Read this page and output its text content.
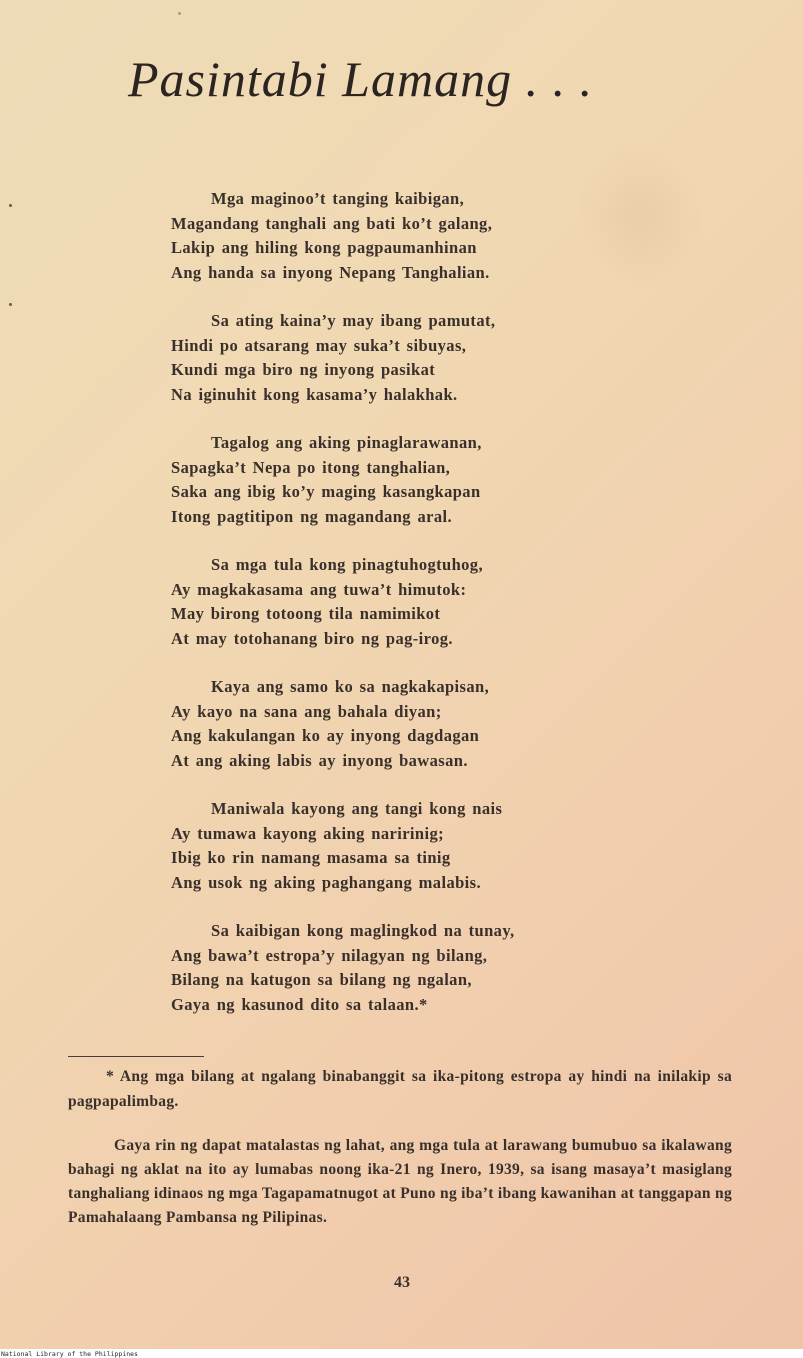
Pasintabi Lamang . . .
Mga maginoo’t tanging kaibigan,
Magandang tanghali ang bati ko’t galang,
Lakip ang hiling kong pagpaumanhinan
Ang handa sa inyong Nepang Tanghalian.
Sa ating kaina’y may ibang pamutat,
Hindi po atsarang may suka’t sibuyas,
Kundi mga biro ng inyong pasikat
Na iginuhit kong kasama’y halakhak.
Tagalog ang aking pinaglarawanan,
Sapagka’t Nepa po itong tanghalian,
Saka ang ibig ko’y maging kasangkapan
Itong pagtitipon ng magandang aral.
Sa mga tula kong pinagtuhogtuhog,
Ay magkakasama ang tuwa’t himutok:
May birong totoong tila namimikot
At may totohanang biro ng pag-irog.
Kaya ang samo ko sa nagkakapisan,
Ay kayo na sana ang bahala diyan;
Ang kakulangan ko ay inyong dagdagan
At ang aking labis ay inyong bawasan.
Maniwala kayong ang tangi kong nais
Ay tumawa kayong aking naririnig;
Ibig ko rin namang masama sa tinig
Ang usok ng aking paghangang malabis.
Sa kaibigan kong maglingkod na tunay,
Ang bawa’t estropa’y nilagyan ng bilang,
Bilang na katugon sa bilang ng ngalan,
Gaya ng kasunod dito sa talaan.*

* Ang mga bilang at ngalang binabanggit sa ika-pitong estropa ay hindi na inilakip sa pagpapalimbag.

Gaya rin ng dapat matalastas ng lahat, ang mga tula at larawang bumubuo sa ikalawang bahagi ng aklat na ito ay lumabas noong ika-21 ng Inero, 1939, sa isang masaya’t masiglang tanghaliang idinaos ng mga Tagapamatnugot at Puno ng iba’t ibang kawanihan at tanggapan ng Pamahalaang Pambansa ng Pilipinas.

43
National Library of the Philippines
